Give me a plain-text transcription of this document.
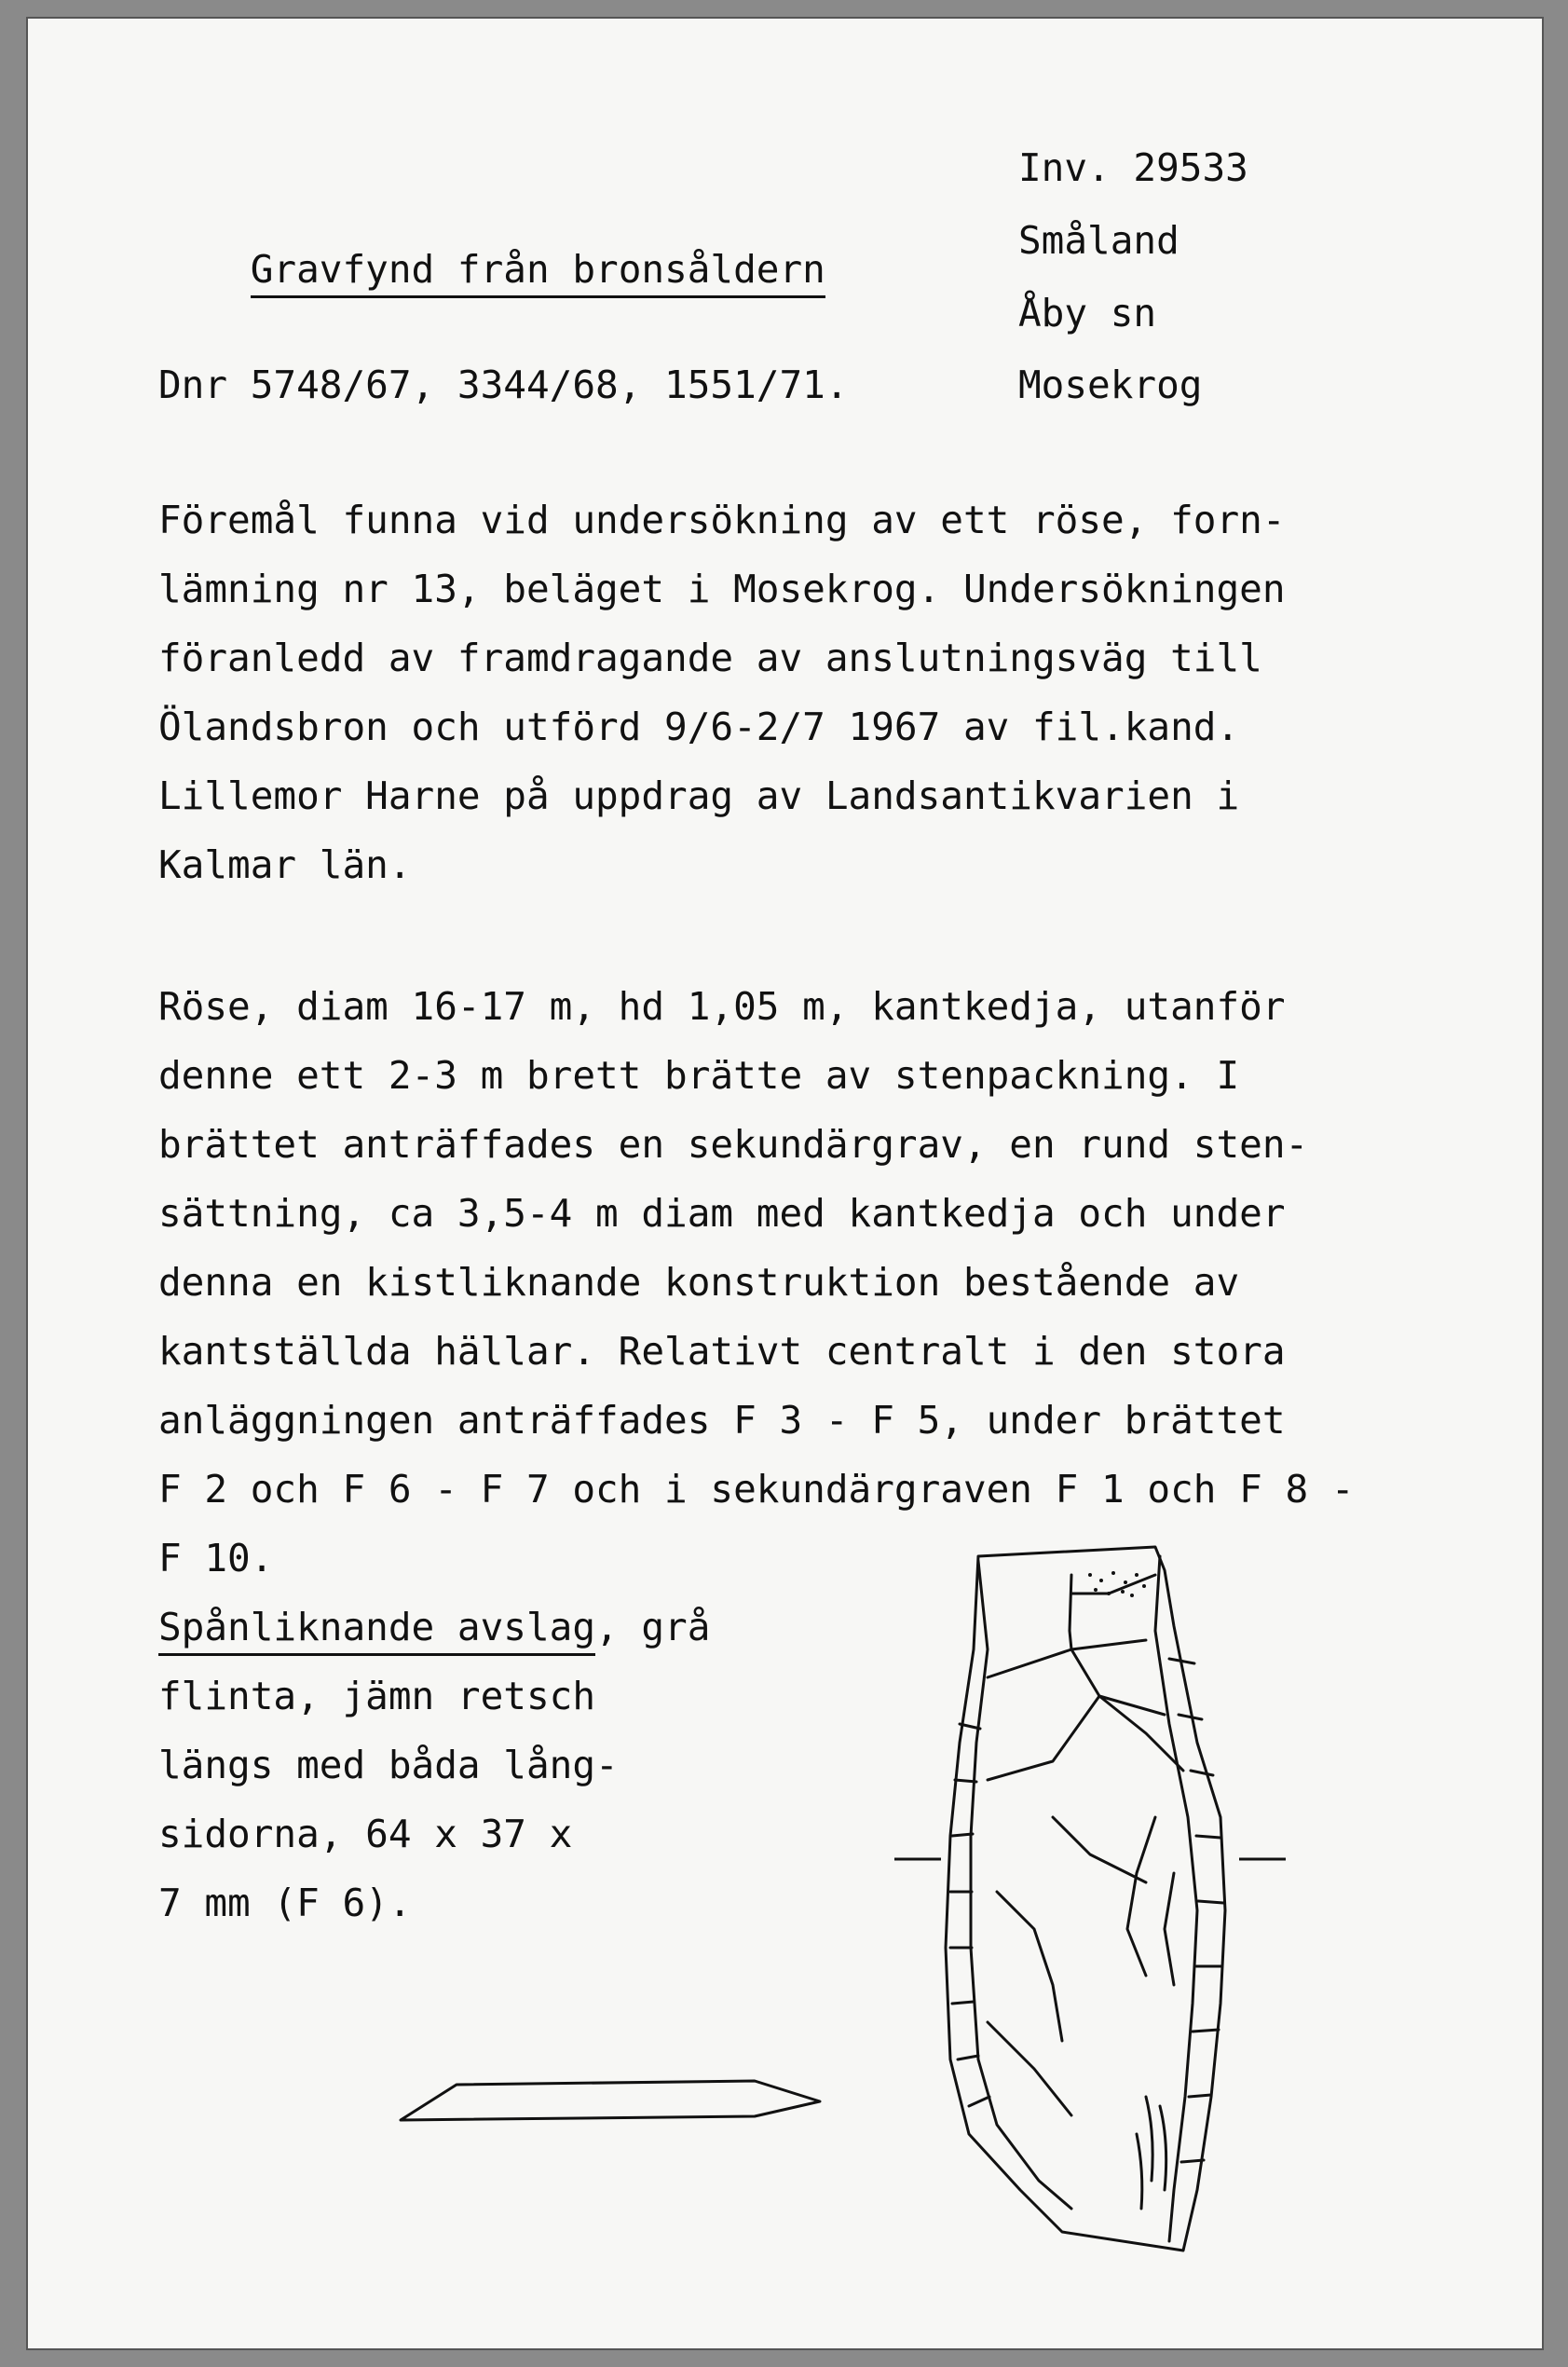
Gravfynd från bronsåldern

Dnr 5748/67, 3344/68, 1551/71.
Inv. 29533
Småland
Åby sn
Mosekrog
Föremål funna vid undersökning av ett röse, forn-
lämning nr 13, beläget i Mosekrog. Undersökningen
föranledd av framdragande av anslutningsväg till
Ölandsbron och utförd 9/6-2/7 1967 av fil.kand.
Lillemor Harne på uppdrag av Landsantikvarien i
Kalmar län.
Röse, diam 16-17 m, hd 1,05 m, kantkedja, utanför
denne ett 2-3 m brett brätte av stenpackning. I
brättet anträffades en sekundärgrav, en rund sten-
sättning, ca 3,5-4 m diam med kantkedja och under
denna en kistliknande konstruktion bestående av
kantställda hällar. Relativt centralt i den stora
anläggningen anträffades F 3 - F 5, under brättet
F 2 och F 6 - F 7 och i sekundärgraven F 1 och F 8 -
F 10.
Spånliknande avslag, grå
flinta, jämn retsch
längs med båda lång-
sidorna, 64 x 37 x
7 mm (F 6).
